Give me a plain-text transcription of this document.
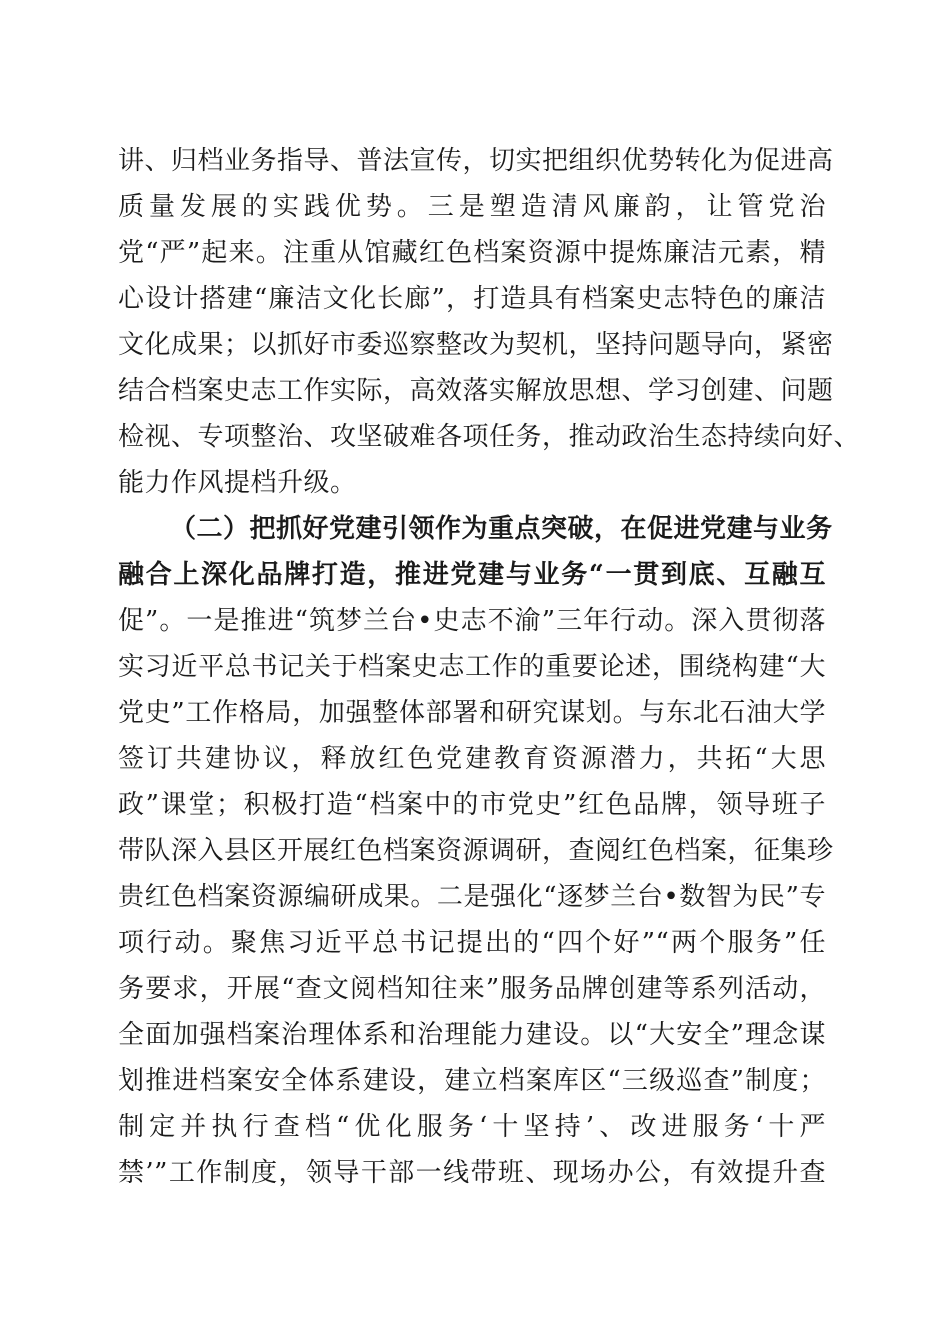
讲、归档业务指导、普法宣传，切实把组织优势转化为促进高
质量发展的实践优势。三是塑造清风廉韵，让管党治
党“严”起来。注重从馆藏红色档案资源中提炼廉洁元素，精
心设计搭建“廉洁文化长廊”，打造具有档案史志特色的廉洁
文化成果；以抓好市委巡察整改为契机，坚持问题导向，紧密
结合档案史志工作实际，高效落实解放思想、学习创建、问题
检视、专项整治、攻坚破难各项任务，推动政治生态持续向好、
能力作风提档升级。
（二）把抓好党建引领作为重点突破，在促进党建与业务
融合上深化品牌打造，推进党建与业务“一贯到底、互融互
促”。一是推进“筑梦兰台•史志不渝”三年行动。深入贯彻落
实习近平总书记关于档案史志工作的重要论述，围绕构建“大
党史”工作格局，加强整体部署和研究谋划。与东北石油大学
签订共建协议，释放红色党建教育资源潜力，共拓“大思
政”课堂；积极打造“档案中的市党史”红色品牌，领导班子
带队深入县区开展红色档案资源调研，查阅红色档案，征集珍
贵红色档案资源编研成果。二是强化“逐梦兰台•数智为民”专
项行动。聚焦习近平总书记提出的“四个好”“两个服务”任
务要求，开展“查文阅档知往来”服务品牌创建等系列活动，
全面加强档案治理体系和治理能力建设。以“大安全”理念谋
划推进档案安全体系建设，建立档案库区“三级巡查”制度；
制定并执行查档“优化服务‘十坚持’、改进服务‘十严
禁’”工作制度，领导干部一线带班、现场办公，有效提升查
